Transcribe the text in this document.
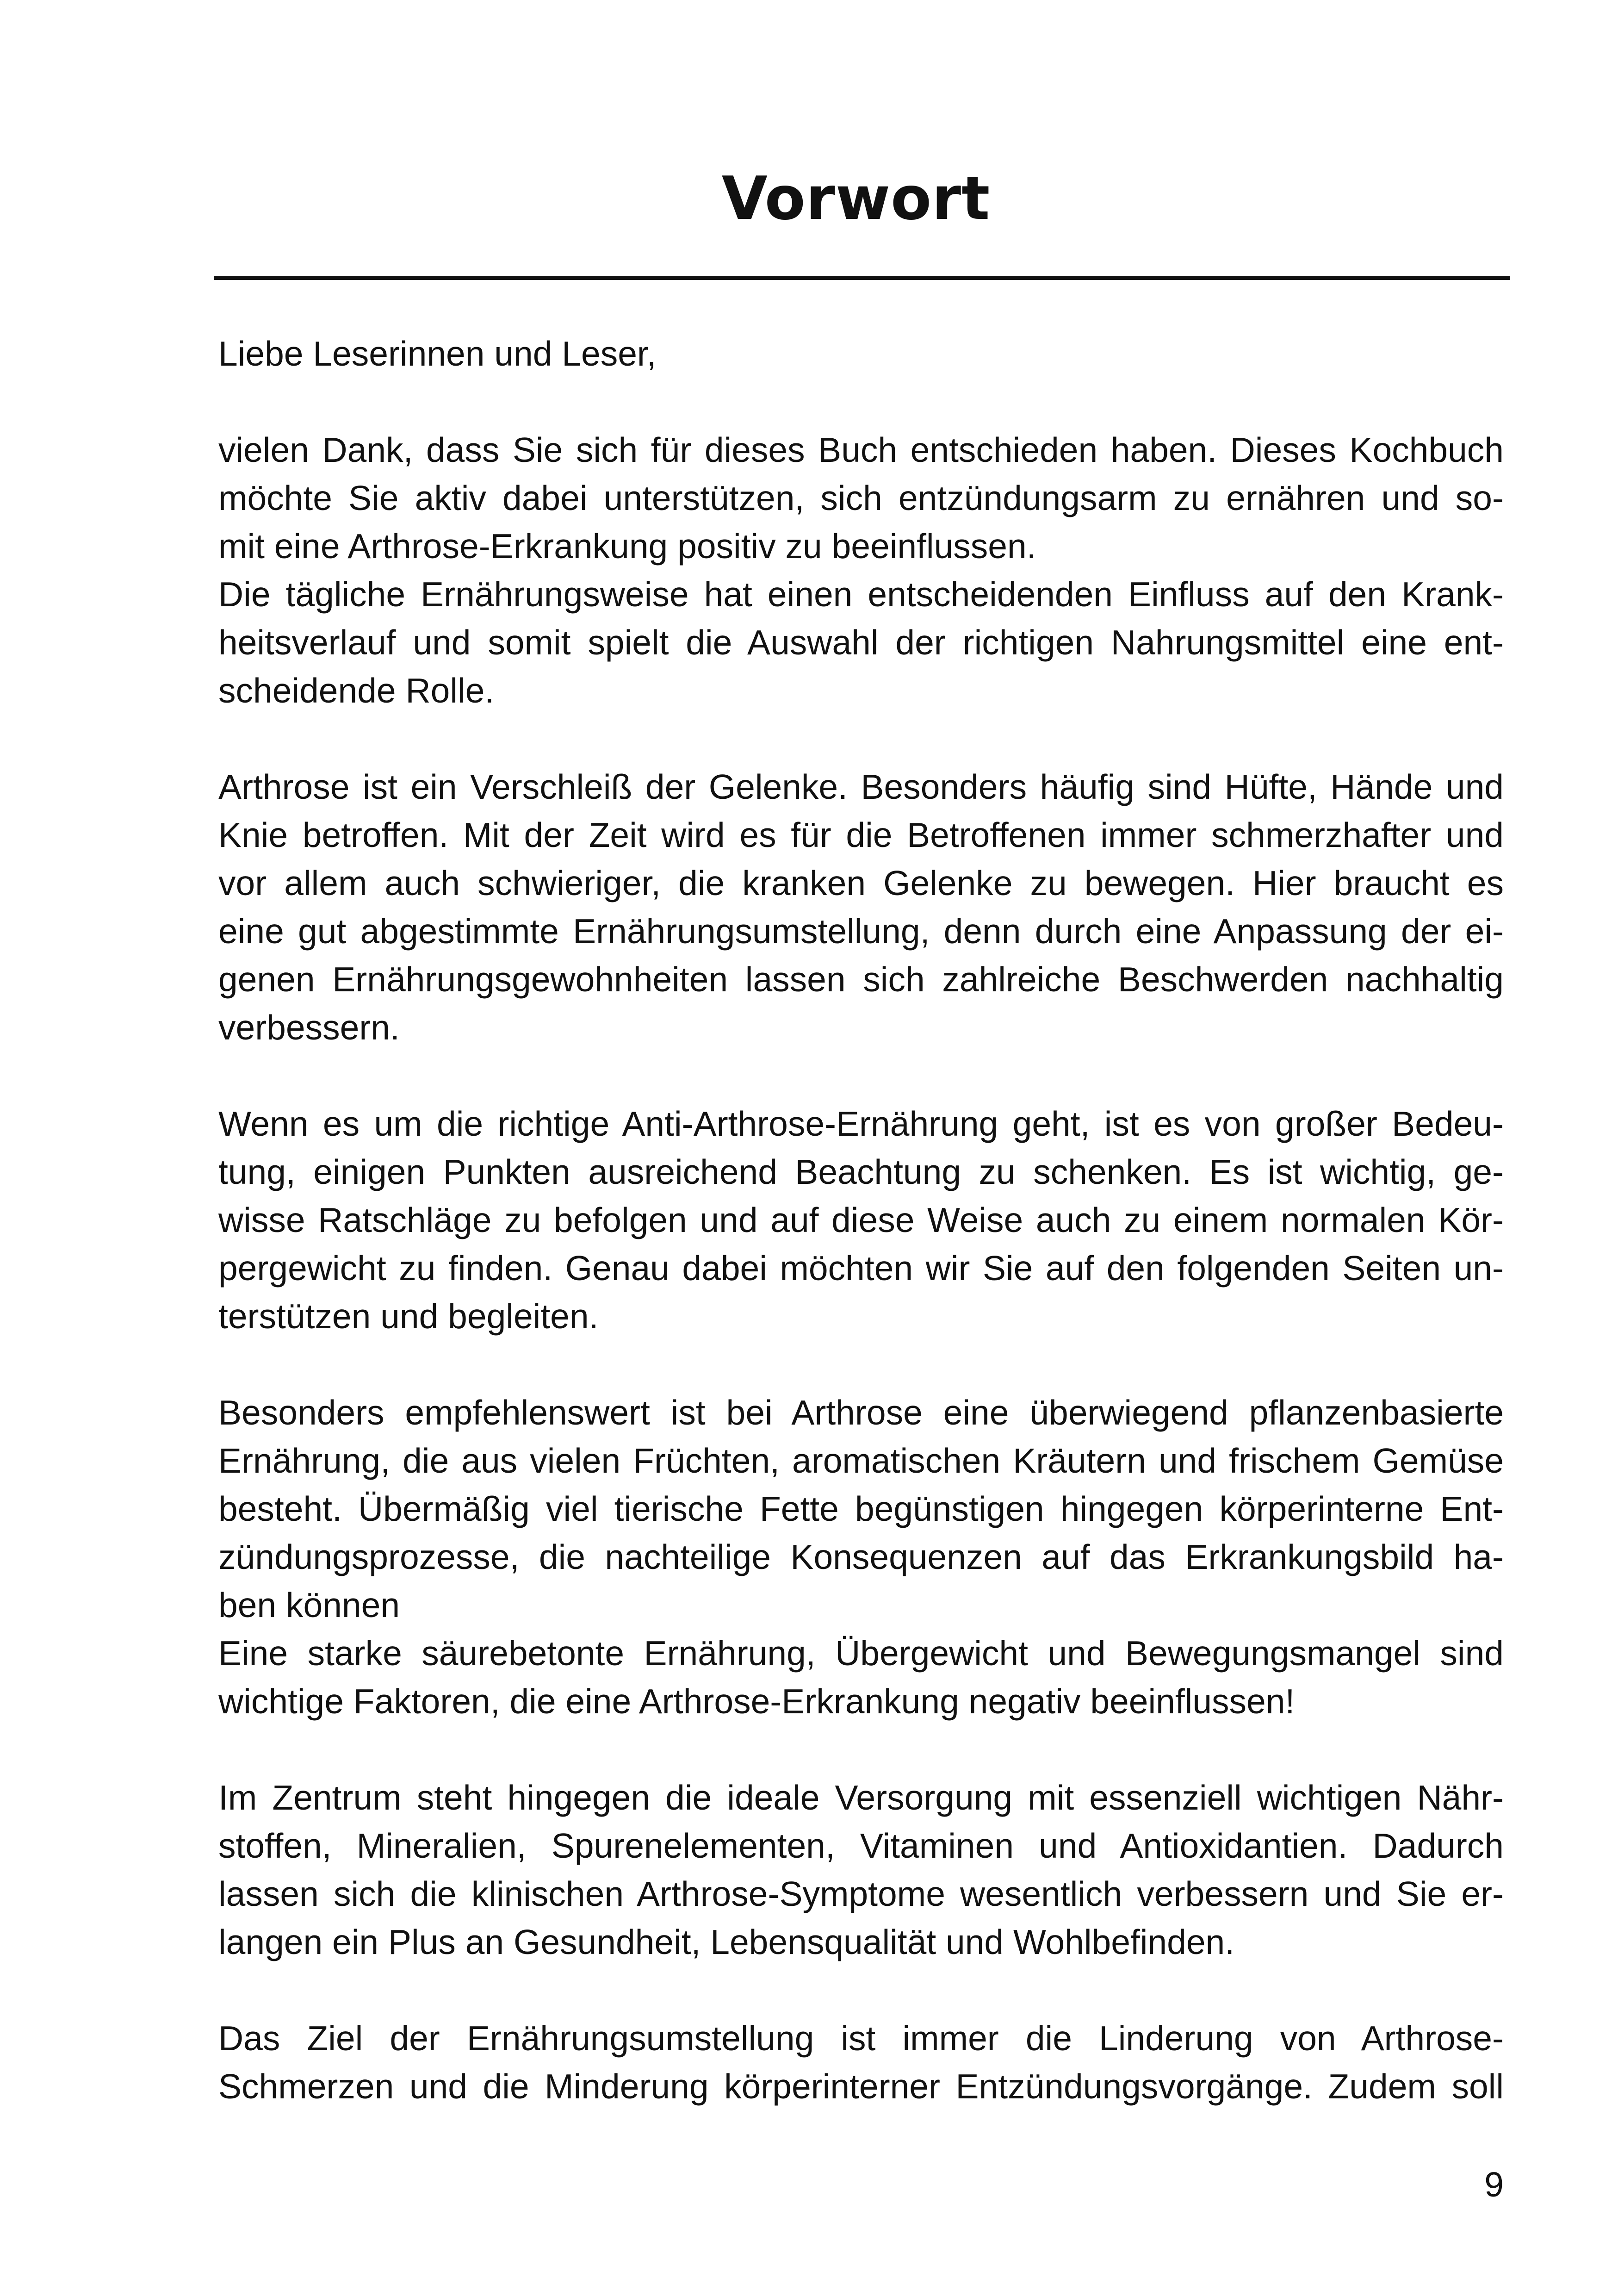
Vorwort
Liebe Leserinnen und Leser,
vielen Dank, dass Sie sich für dieses Buch entschieden haben. Dieses Kochbuch
möchte Sie aktiv dabei unterstützen, sich entzündungsarm zu ernähren und so-
mit eine Arthrose-Erkrankung positiv zu beeinflussen.
Die tägliche Ernährungsweise hat einen entscheidenden Einfluss auf den Krank-
heitsverlauf und somit spielt die Auswahl der richtigen Nahrungsmittel eine ent-
scheidende Rolle.
Arthrose ist ein Verschleiß der Gelenke. Besonders häufig sind Hüfte, Hände und
Knie betroffen. Mit der Zeit wird es für die Betroffenen immer schmerzhafter und
vor allem auch schwieriger, die kranken Gelenke zu bewegen. Hier braucht es
eine gut abgestimmte Ernährungsumstellung, denn durch eine Anpassung der ei-
genen Ernährungsgewohnheiten lassen sich zahlreiche Beschwerden nachhaltig
verbessern.
Wenn es um die richtige Anti-Arthrose-Ernährung geht, ist es von großer Bedeu-
tung, einigen Punkten ausreichend Beachtung zu schenken. Es ist wichtig, ge-
wisse Ratschläge zu befolgen und auf diese Weise auch zu einem normalen Kör-
pergewicht zu finden. Genau dabei möchten wir Sie auf den folgenden Seiten un-
terstützen und begleiten.
Besonders empfehlenswert ist bei Arthrose eine überwiegend pflanzenbasierte
Ernährung, die aus vielen Früchten, aromatischen Kräutern und frischem Gemüse
besteht. Übermäßig viel tierische Fette begünstigen hingegen körperinterne Ent-
zündungsprozesse, die nachteilige Konsequenzen auf das Erkrankungsbild ha-
ben können
Eine starke säurebetonte Ernährung, Übergewicht und Bewegungsmangel sind
wichtige Faktoren, die eine Arthrose-Erkrankung negativ beeinflussen!
Im Zentrum steht hingegen die ideale Versorgung mit essenziell wichtigen Nähr-
stoffen, Mineralien, Spurenelementen, Vitaminen und Antioxidantien. Dadurch
lassen sich die klinischen Arthrose-Symptome wesentlich verbessern und Sie er-
langen ein Plus an Gesundheit, Lebensqualität und Wohlbefinden.
Das Ziel der Ernährungsumstellung ist immer die Linderung von Arthrose-
Schmerzen und die Minderung körperinterner Entzündungsvorgänge. Zudem soll
9
